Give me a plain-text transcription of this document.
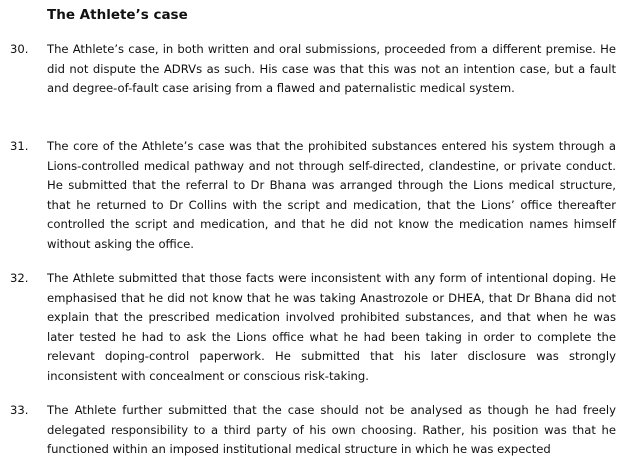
The Athlete’s case
30.	The Athlete’s case, in both written and oral submissions, proceeded from a different premise. He did not dispute the ADRVs as such. His case was that this was not an intention case, but a fault and degree-of-fault case arising from a flawed and paternalistic medical system.
31.	The core of the Athlete’s case was that the prohibited substances entered his system through a Lions-controlled medical pathway and not through self-directed, clandestine, or private conduct. He submitted that the referral to Dr Bhana was arranged through the Lions medical structure, that he returned to Dr Collins with the script and medication, that the Lions’ office thereafter controlled the script and medication, and that he did not know the medication names himself without asking the office.
32.	The Athlete submitted that those facts were inconsistent with any form of intentional doping. He emphasised that he did not know that he was taking Anastrozole or DHEA, that Dr Bhana did not explain that the prescribed medication involved prohibited substances, and that when he was later tested he had to ask the Lions office what he had been taking in order to complete the relevant doping-control paperwork. He submitted that his later disclosure was strongly inconsistent with concealment or conscious risk-taking.
33.	The Athlete further submitted that the case should not be analysed as though he had freely delegated responsibility to a third party of his own choosing. Rather, his position was that he functioned within an imposed institutional medical structure in which he was expected
